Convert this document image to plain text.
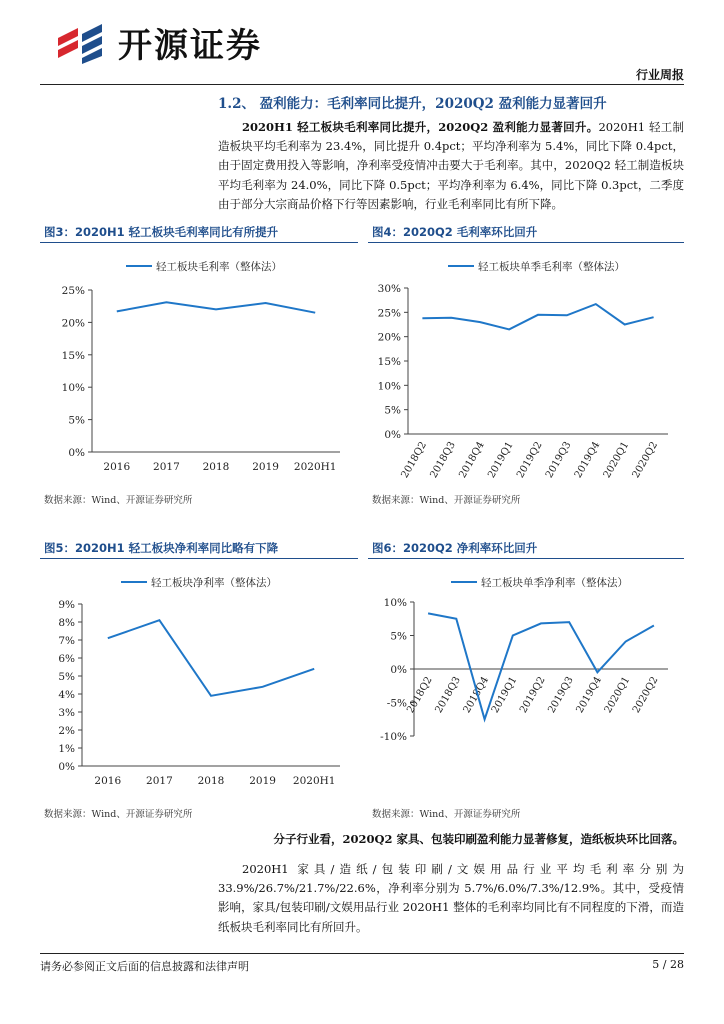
开源证券
行业周报
1.2、 盈利能力：毛利率同比提升，2020Q2 盈利能力显著回升
2020H1 轻工板块毛利率同比提升，2020Q2 盈利能力显著回升。2020H1 轻工制造板块平均毛利率为 23.4%，同比提升 0.4pct；平均净利率为 5.4%，同比下降 0.4pct，由于固定费用投入等影响，净利率受疫情冲击要大于毛利率。其中，2020Q2 轻工制造板块平均毛利率为 24.0%，同比下降 0.5pct；平均净利率为 6.4%，同比下降 0.3pct，二季度由于部分大宗商品价格下行等因素影响，行业毛利率同比有所下降。
图3：2020H1 轻工板块毛利率同比有所提升	图4：2020Q2 毛利率环比回升
图5：2020H1 轻工板块净利率同比略有下降	图6：2020Q2 净利率环比回升
轻工板块毛利率（整体法）
0%
5%
10%
15%
20%
25%
2016 2017 2018 2019 2020H1
轻工板块单季毛利率（整体法）
0%
5%
10%
15%
20%
25%
30%
2018Q2 2018Q3 2018Q4 2019Q1 2019Q2 2019Q3 2019Q4 2020Q1 2020Q2
轻工板块净利率（整体法）
0%
1%
2%
3%
4%
5%
6%
7%
8%
9%
2016 2017 2018 2019 2020H1
轻工板块单季净利率（整体法）
-10%
-5%
0%
5%
10%
2018Q2
2018Q3
2018Q4
2019Q1
2019Q2
2019Q3
2019Q4
2020Q1
2020Q2
数据来源：Wind、开源证券研究所	数据来源：Wind、开源证券研究所
数据来源：Wind、开源证券研究所	数据来源：Wind、开源证券研究所
分子行业看，2020Q2 家具、包装印刷盈利能力显著修复，造纸板块环比回落。
2020H1 家具/造纸/包装印刷/文娱用品行业平均毛利率分别为 33.9%/26.7%/21.7%/22.6%，净利率分别为 5.7%/6.0%/7.3%/12.9%。其中，受疫情影响，家具/包装印刷/文娱用品行业 2020H1 整体的毛利率均同比有不同程度的下滑，而造纸板块毛利率同比有所回升。
请务必参阅正文后面的信息披露和法律声明	5 / 28
